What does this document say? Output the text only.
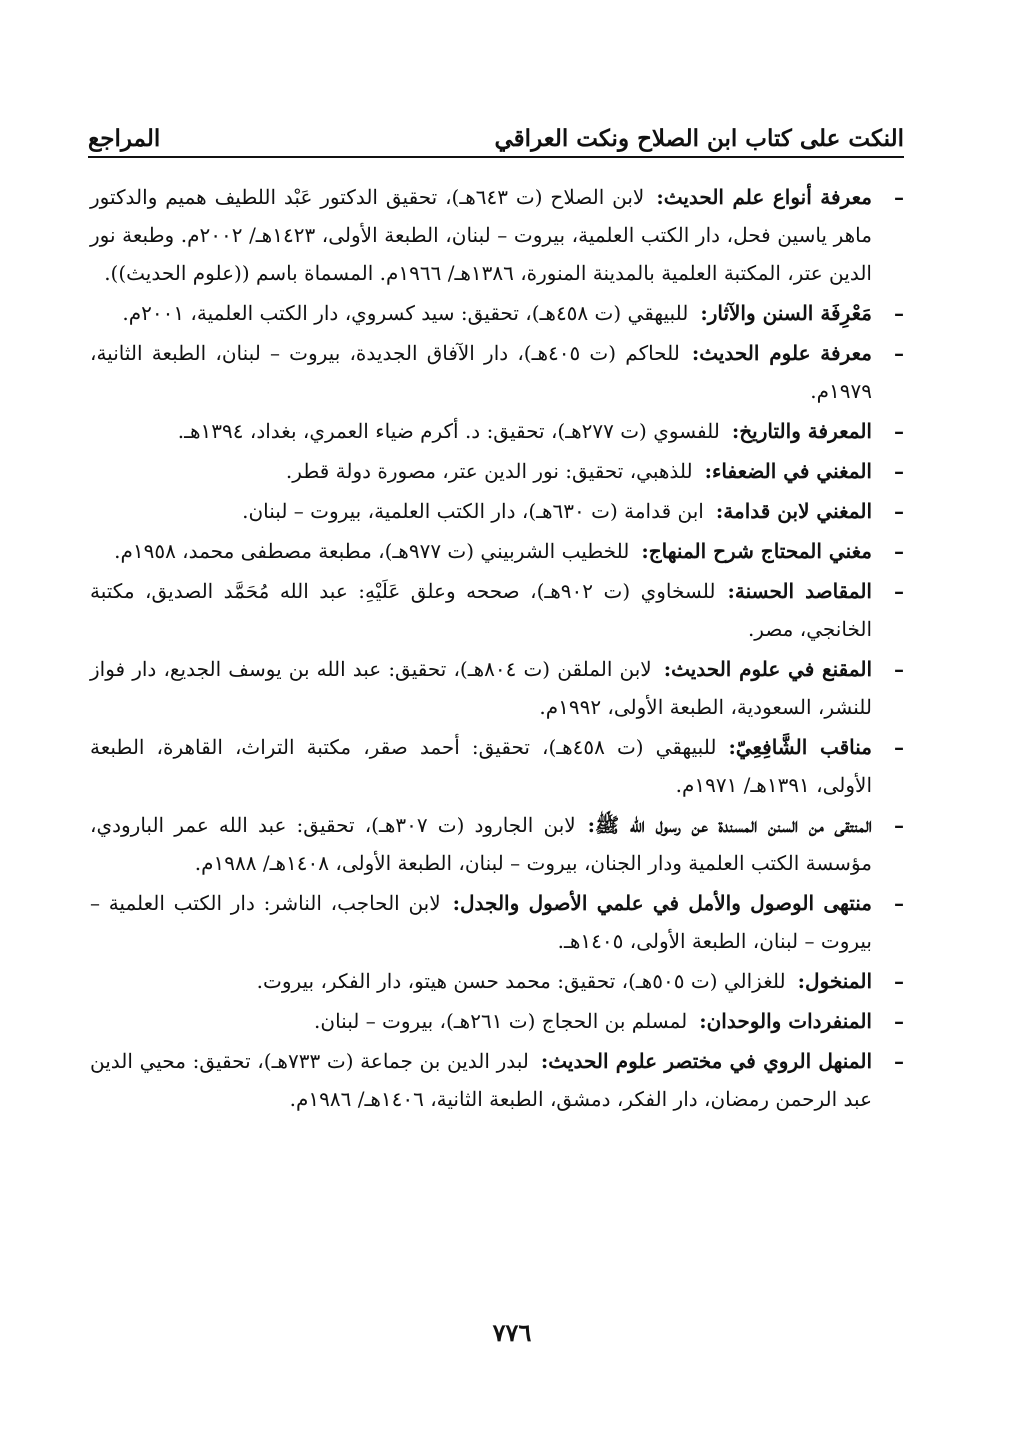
النكت على كتاب ابن الصلاح ونكت العراقي
المراجع
–
معرفة أنواع علم الحديث:لابن الصلاح (ت ٦٤٣هـ)، تحقيق الدكتور عَبْد اللطيف هميم والدكتور ماهر ياسين فحل، دار الكتب العلمية، بيروت – لبنان، الطبعة الأولى، ١٤٢٣هـ/ ٢٠٠٢م. وطبعة نور الدين عتر، المكتبة العلمية بالمدينة المنورة، ١٣٨٦هـ/ ١٩٦٦م. المسماة باسم ((علوم الحديث)).
–
مَعْرِفَة السنن والآثار:للبيهقي (ت ٤٥٨هـ)، تحقيق: سيد كسروي، دار الكتب العلمية، ٢٠٠١م.
–
معرفة علوم الحديث:للحاكم (ت ٤٠٥هـ)، دار الآفاق الجديدة، بيروت – لبنان، الطبعة الثانية، ١٩٧٩م.
–
المعرفة والتاريخ:للفسوي (ت ٢٧٧هـ)، تحقيق: د. أكرم ضياء العمري، بغداد، ١٣٩٤هـ.
–
المغني في الضعفاء:للذهبي، تحقيق: نور الدين عتر، مصورة دولة قطر.
–
المغني لابن قدامة:ابن قدامة (ت ٦٣٠هـ)، دار الكتب العلمية، بيروت – لبنان.
–
مغني المحتاج شرح المنهاج:للخطيب الشربيني (ت ٩٧٧هـ)، مطبعة مصطفى محمد، ١٩٥٨م.
–
المقاصد الحسنة:للسخاوي (ت ٩٠٢هـ)، صححه وعلق عَلَيْهِ: عبد الله مُحَمَّد الصديق، مكتبة الخانجي، مصر.
–
المقنع في علوم الحديث:لابن الملقن (ت ٨٠٤هـ)، تحقيق: عبد الله بن يوسف الجديع، دار فواز للنشر، السعودية، الطبعة الأولى، ١٩٩٢م.
–
مناقب الشَّافِعِيّ:للبيهقي (ت ٤٥٨هـ)، تحقيق: أحمد صقر، مكتبة التراث، القاهرة، الطبعة الأولى، ١٣٩١هـ/ ١٩٧١م.
–
المنتقى من السنن المسندة عن رسول الله ﷺ:لابن الجارود (ت ٣٠٧هـ)، تحقيق: عبد الله عمر البارودي، مؤسسة الكتب العلمية ودار الجنان، بيروت – لبنان، الطبعة الأولى، ١٤٠٨هـ/ ١٩٨٨م.
–
منتهى الوصول والأمل في علمي الأصول والجدل:لابن الحاجب، الناشر: دار الكتب العلمية – بيروت – لبنان، الطبعة الأولى، ١٤٠٥هـ.
–
المنخول:للغزالي (ت ٥٠٥هـ)، تحقيق: محمد حسن هيتو، دار الفكر، بيروت.
–
المنفردات والوحدان:لمسلم بن الحجاج (ت ٢٦١هـ)، بيروت – لبنان.
–
المنهل الروي في مختصر علوم الحديث:لبدر الدين بن جماعة (ت ٧٣٣هـ)، تحقيق: محيي الدين عبد الرحمن رمضان، دار الفكر، دمشق، الطبعة الثانية، ١٤٠٦هـ/ ١٩٨٦م.
٧٧٦
